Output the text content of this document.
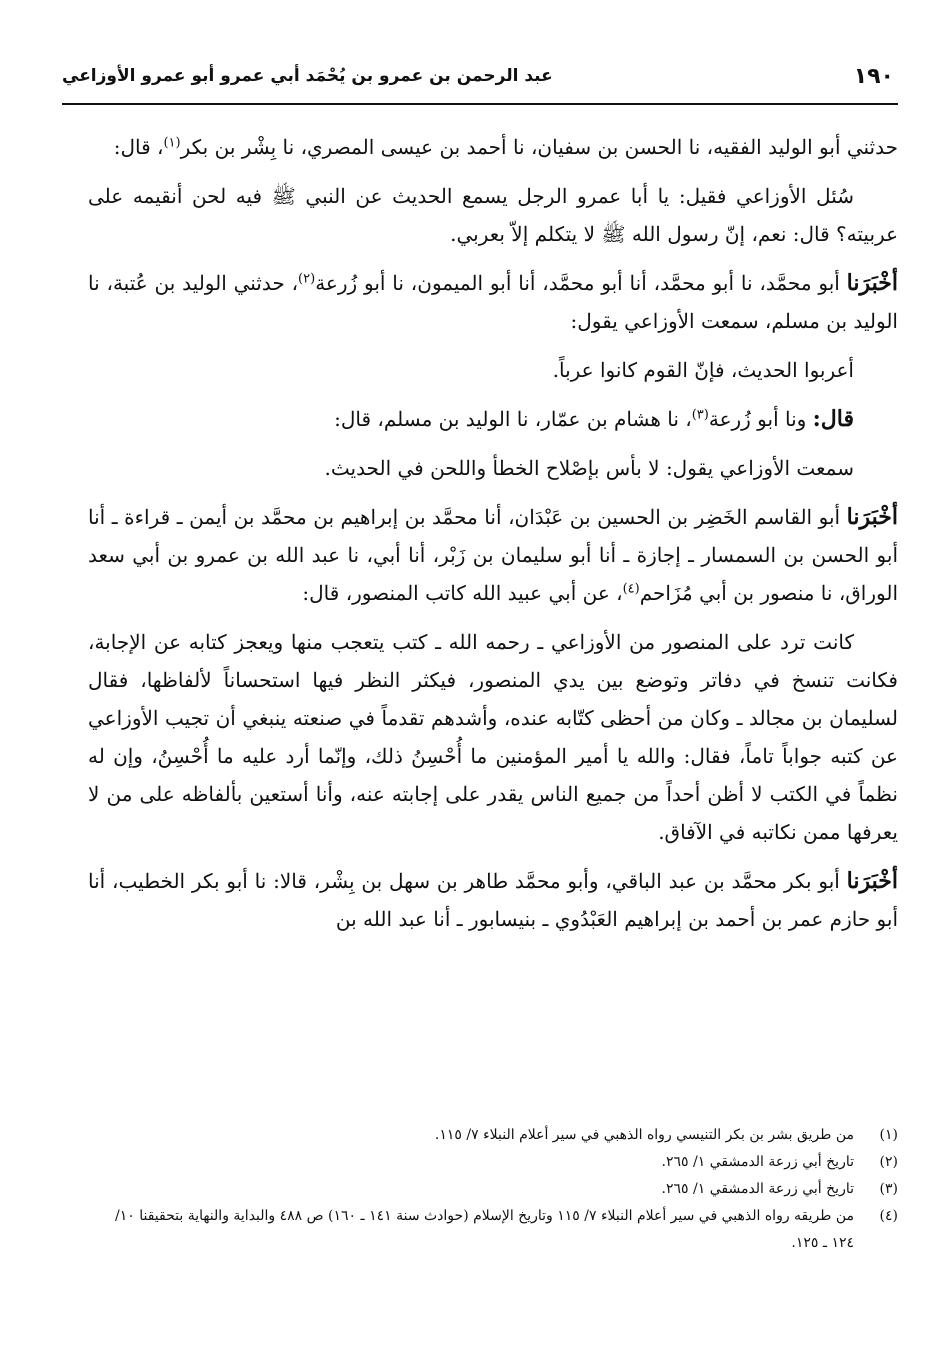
١٩٠
عبد الرحمن بن عمرو بن يُحْمَد أبي عمرو أبو عمرو الأوزاعي

حدثني أبو الوليد الفقيه، نا الحسن بن سفيان، نا أحمد بن عيسى المصري، نا بِشْر بن بكر$^{(١)}$، قال:

سُئل الأوزاعي فقيل: يا أبا عمرو الرجل يسمع الحديث عن النبي ﷺ فيه لحن أنقيمه على عربيته؟ قال: نعم، إنّ رسول الله ﷺ لا يتكلم إلاّ بعربي.

أخْبَرَنا أبو محمَّد، نا أبو محمَّد، أنا أبو محمَّد، أنا أبو الميمون، نا أبو زُرعة$^{(٢)}$، حدثني الوليد بن عُتبة، نا الوليد بن مسلم، سمعت الأوزاعي يقول:

أعربوا الحديث، فإنّ القوم كانوا عرباً.

قال: ونا أبو زُرعة$^{(٣)}$، نا هشام بن عمّار، نا الوليد بن مسلم، قال:

سمعت الأوزاعي يقول: لا بأس بإصْلاح الخطأ واللحن في الحديث.

أخْبَرَنا أبو القاسم الخَضِر بن الحسين بن عَبْدَان، أنا محمَّد بن إبراهيم بن محمَّد بن أيمن ـ قراءة ـ أنا أبو الحسن بن السمسار ـ إجازة ـ أنا أبو سليمان بن زَبْر، أنا أبي، نا عبد الله بن عمرو بن أبي سعد الوراق، نا منصور بن أبي مُزَاحم$^{(٤)}$، عن أبي عبيد الله كاتب المنصور، قال:

كانت ترد على المنصور من الأوزاعي ـ رحمه الله ـ كتب يتعجب منها ويعجز كتابه عن الإجابة، فكانت تنسخ في دفاتر وتوضع بين يدي المنصور، فيكثر النظر فيها استحساناً لألفاظها، فقال لسليمان بن مجالد ـ وكان من أحظى كتّابه عنده، وأشدهم تقدماً في صنعته ينبغي أن تجيب الأوزاعي عن كتبه جواباً تاماً، فقال: والله يا أمير المؤمنين ما أُحْسِنُ ذلك، وإنّما أرد عليه ما أُحْسِنُ، وإن له نظماً في الكتب لا أظن أحداً من جميع الناس يقدر على إجابته عنه، وأنا أستعين بألفاظه على من لا يعرفها ممن نكاتبه في الآفاق.

أخْبَرَنا أبو بكر محمَّد بن عبد الباقي، وأبو محمَّد طاهر بن سهل بن بِشْر، قالا: نا أبو بكر الخطيب، أنا أبو حازم عمر بن أحمد بن إبراهيم العَبْدُوي ـ بنيسابور ـ أنا عبد الله بن

(١)
من طريق بشر بن بكر التنيسي رواه الذهبي في سير أعلام النبلاء ٧/ ١١٥.
(٢)
تاريخ أبي زرعة الدمشقي ١/ ٢٦٥.
(٣)
تاريخ أبي زرعة الدمشقي ١/ ٢٦٥.
(٤)
من طريقه رواه الذهبي في سير أعلام النبلاء ٧/ ١١٥ وتاريخ الإسلام (حوادث سنة ١٤١ ـ ١٦٠) ص ٤٨٨ والبداية والنهاية بتحقيقنا ١٠/ ١٢٤ ـ ١٢٥.
